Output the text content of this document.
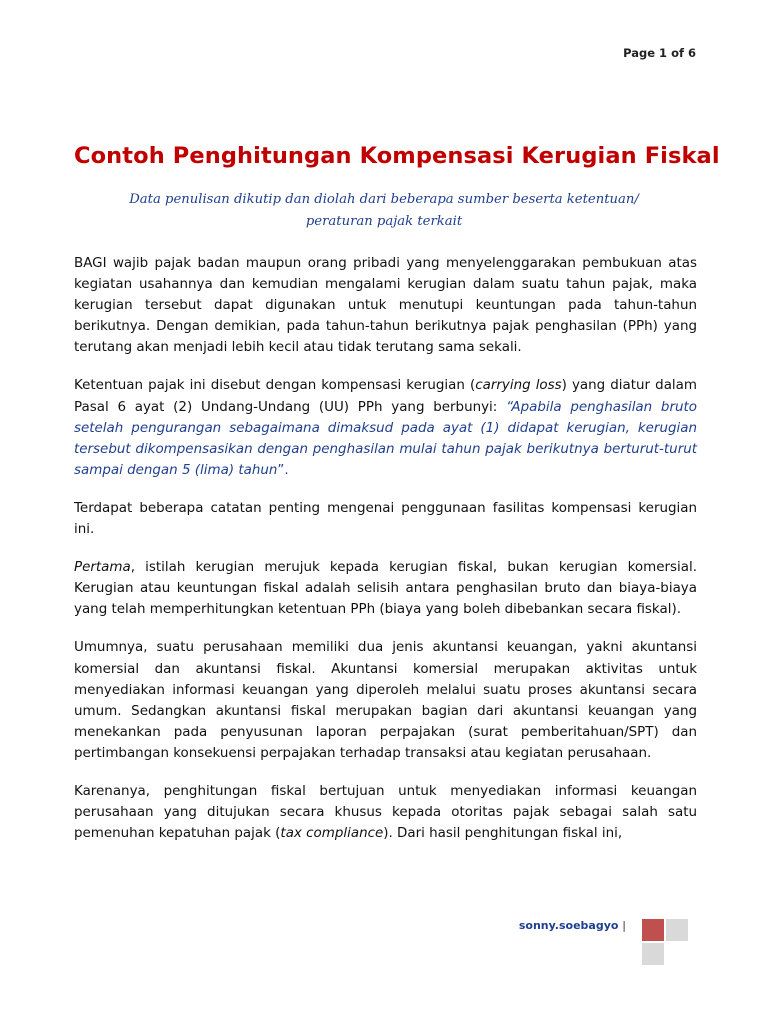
Page 1 of 6
Contoh Penghitungan Kompensasi Kerugian Fiskal
Data penulisan dikutip dan diolah dari beberapa sumber beserta ketentuan/
peraturan pajak terkait

BAGI wajib pajak badan maupun orang pribadi yang menyelenggarakan pembukuan atas kegiatan usahannya dan kemudian mengalami kerugian dalam suatu tahun pajak, maka kerugian tersebut dapat digunakan untuk menutupi keuntungan pada tahun-tahun berikutnya. Dengan demikian, pada tahun-tahun berikutnya pajak penghasilan (PPh) yang terutang akan menjadi lebih kecil atau tidak terutang sama sekali.

Ketentuan pajak ini disebut dengan kompensasi kerugian (carrying loss) yang diatur dalam Pasal 6 ayat (2) Undang-Undang (UU) PPh yang berbunyi: “Apabila penghasilan bruto setelah pengurangan sebagaimana dimaksud pada ayat (1) didapat kerugian, kerugian tersebut dikompensasikan dengan penghasilan mulai tahun pajak berikutnya berturut-turut sampai dengan 5 (lima) tahun”.

Terdapat beberapa catatan penting mengenai penggunaan fasilitas kompensasi kerugian ini.

Pertama, istilah kerugian merujuk kepada kerugian fiskal, bukan kerugian komersial. Kerugian atau keuntungan fiskal adalah selisih antara penghasilan bruto dan biaya-biaya yang telah memperhitungkan ketentuan PPh (biaya yang boleh dibebankan secara fiskal).

Umumnya, suatu perusahaan memiliki dua jenis akuntansi keuangan, yakni akuntansi komersial dan akuntansi fiskal. Akuntansi komersial merupakan aktivitas untuk menyediakan informasi keuangan yang diperoleh melalui suatu proses akuntansi secara umum. Sedangkan akuntansi fiskal merupakan bagian dari akuntansi keuangan yang menekankan pada penyusunan laporan perpajakan (surat pemberitahuan/SPT) dan pertimbangan konsekuensi perpajakan terhadap transaksi atau kegiatan perusahaan.

Karenanya, penghitungan fiskal bertujuan untuk menyediakan informasi keuangan perusahaan yang ditujukan secara khusus kepada otoritas pajak sebagai salah satu pemenuhan kepatuhan pajak (tax compliance). Dari hasil penghitungan fiskal ini,

sonny.soebagyo |
